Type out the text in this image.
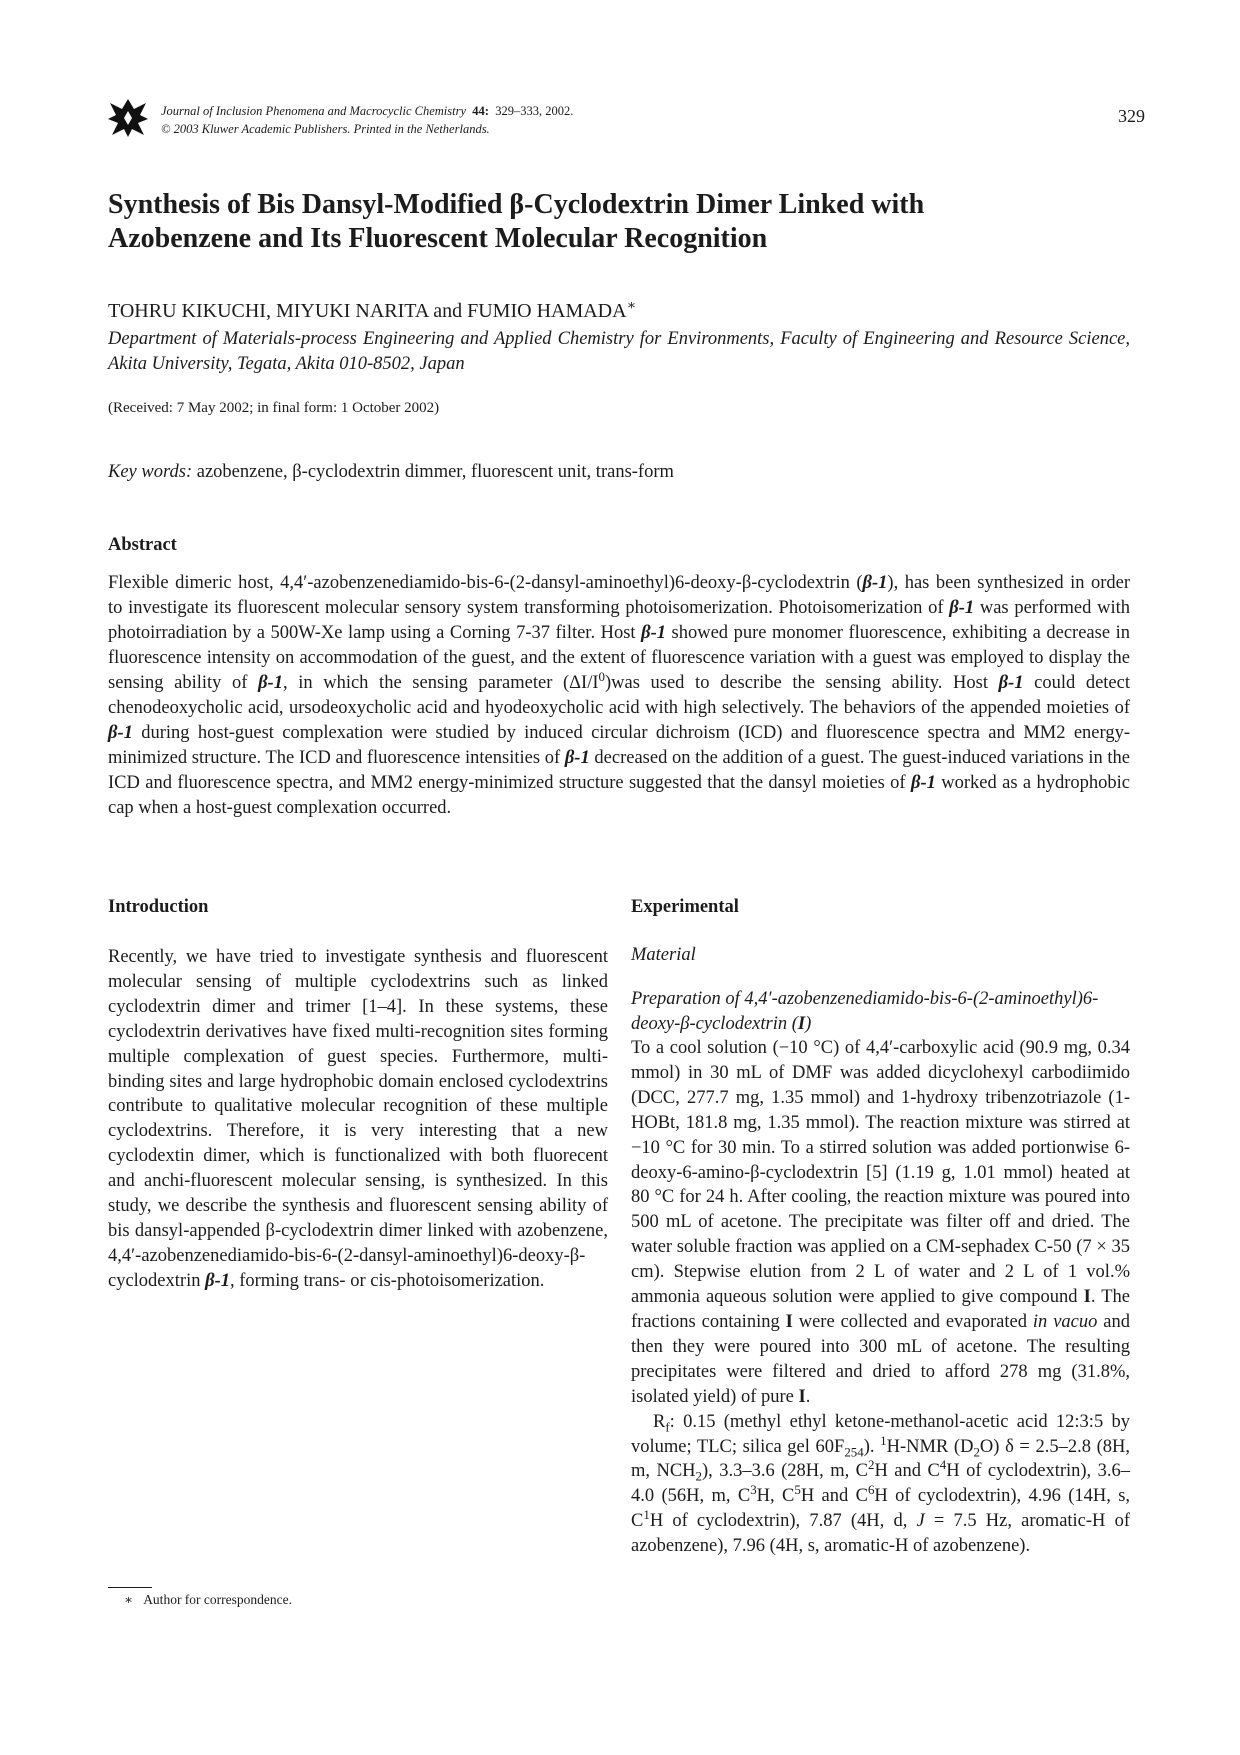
Journal of Inclusion Phenomena and Macrocyclic Chemistry 44: 329–333, 2002.
© 2003 Kluwer Academic Publishers. Printed in the Netherlands.
329
Synthesis of Bis Dansyl-Modified β-Cyclodextrin Dimer Linked with
Azobenzene and Its Fluorescent Molecular Recognition
TOHRU KIKUCHI, MIYUKI NARITA and FUMIO HAMADA∗
Department of Materials-process Engineering and Applied Chemistry for Environments, Faculty of Engineering and Resource Science, Akita University, Tegata, Akita 010-8502, Japan
(Received: 7 May 2002; in final form: 1 October 2002)
Key words: azobenzene, β-cyclodextrin dimmer, fluorescent unit, trans-form
Abstract
Flexible dimeric host, 4,4′-azobenzenediamido-bis-6-(2-dansyl-aminoethyl)6-deoxy-β-cyclodextrin (β-1), has been synthesized in order to investigate its fluorescent molecular sensory system transforming photoisomerization. Photoisomerization of β-1 was performed with photoirradiation by a 500W-Xe lamp using a Corning 7-37 filter. Host β-1 showed pure monomer fluorescence, exhibiting a decrease in fluorescence intensity on accommodation of the guest, and the extent of fluorescence variation with a guest was employed to display the sensing ability of β-1, in which the sensing parameter $(\Delta I/I^0)was$ used to describe the sensing ability. Host β-1 could detect chenodeoxycholic acid, ursodeoxycholic acid and hyodeoxycholic acid with high selectively. The behaviors of the appended moieties of β-1 during host-guest complexation were studied by induced circular dichroism (ICD) and fluorescence spectra and MM2 energy-minimized structure. The ICD and fluorescence intensities of β-1 decreased on the addition of a guest. The guest-induced variations in the ICD and fluorescence spectra, and MM2 energy-minimized structure suggested that the dansyl moieties of β-1 worked as a hydrophobic cap when a host-guest complexation occurred.
Introduction
Recently, we have tried to investigate synthesis and fluorescent molecular sensing of multiple cyclodextrins such as linked cyclodextrin dimer and trimer [1–4]. In these systems, these cyclodextrin derivatives have fixed multi-recognition sites forming multiple complexation of guest species. Furthermore, multi-binding sites and large hydrophobic domain enclosed cyclodextrins contribute to qualitative molecular recognition of these multiple cyclodextrins. Therefore, it is very interesting that a new cyclodextin dimer, which is functionalized with both fluorecent and anchi-fluorescent molecular sensing, is synthesized. In this study, we describe the synthesis and fluorescent sensing ability of bis dansyl-appended β-cyclodextrin dimer linked with azobenzene, 4,4′-azobenzenediamido-bis-6-(2-dansyl-aminoethyl)6-deoxy-β-cyclodextrin β-1, forming trans- or cis-photoisomerization.
Experimental
Material
Preparation of 4,4′-azobenzenediamido-bis-6-(2-aminoethyl)6-deoxy-β-cyclodextrin (I)

To a cool solution (−10 °C) of 4,4′-carboxylic acid (90.9 mg, 0.34 mmol) in 30 mL of DMF was added dicyclohexyl carbodiimido (DCC, 277.7 mg, 1.35 mmol) and 1-hydroxy tribenzotriazole (1-HOBt, 181.8 mg, 1.35 mmol). The reaction mixture was stirred at −10 °C for 30 min. To a stirred solution was added portionwise 6-deoxy-6-amino-β-cyclodextrin [5] (1.19 g, 1.01 mmol) heated at 80 °C for 24 h. After cooling, the reaction mixture was poured into 500 mL of acetone. The precipitate was filter off and dried. The water soluble fraction was applied on a CM-sephadex C-50 (7 × 35 cm). Stepwise elution from 2 L of water and 2 L of 1 vol.% ammonia aqueous solution were applied to give compound I. The fractions containing I were collected and evaporated in vacuo and then they were poured into 300 mL of acetone. The resulting precipitates were filtered and dried to afford 278 mg (31.8%, isolated yield) of pure I.

$R_f$: 0.15 (methyl ethyl ketone-methanol-acetic acid 12:3:5 by volume; TLC; silica gel $60F_{254}$). $^1$H-NMR $(D_2O) \delta = 2.5-2.8$ (8H, m, $NCH_2$), 3.3–3.6 (28H, m, $C^2H$ and $C^4H$ of cyclodextrin), 3.6–4.0 (56H, m, $C^3H$, $C^5H$ and $C^6H$ of cyclodextrin), 4.96 (14H, s, $C^1H$ of cyclodextrin), 7.87 (4H, d, J = 7.5 Hz, aromatic-H of azobenzene), 7.96 (4H, s, aromatic-H of azobenzene).

∗ Author for correspondence.
